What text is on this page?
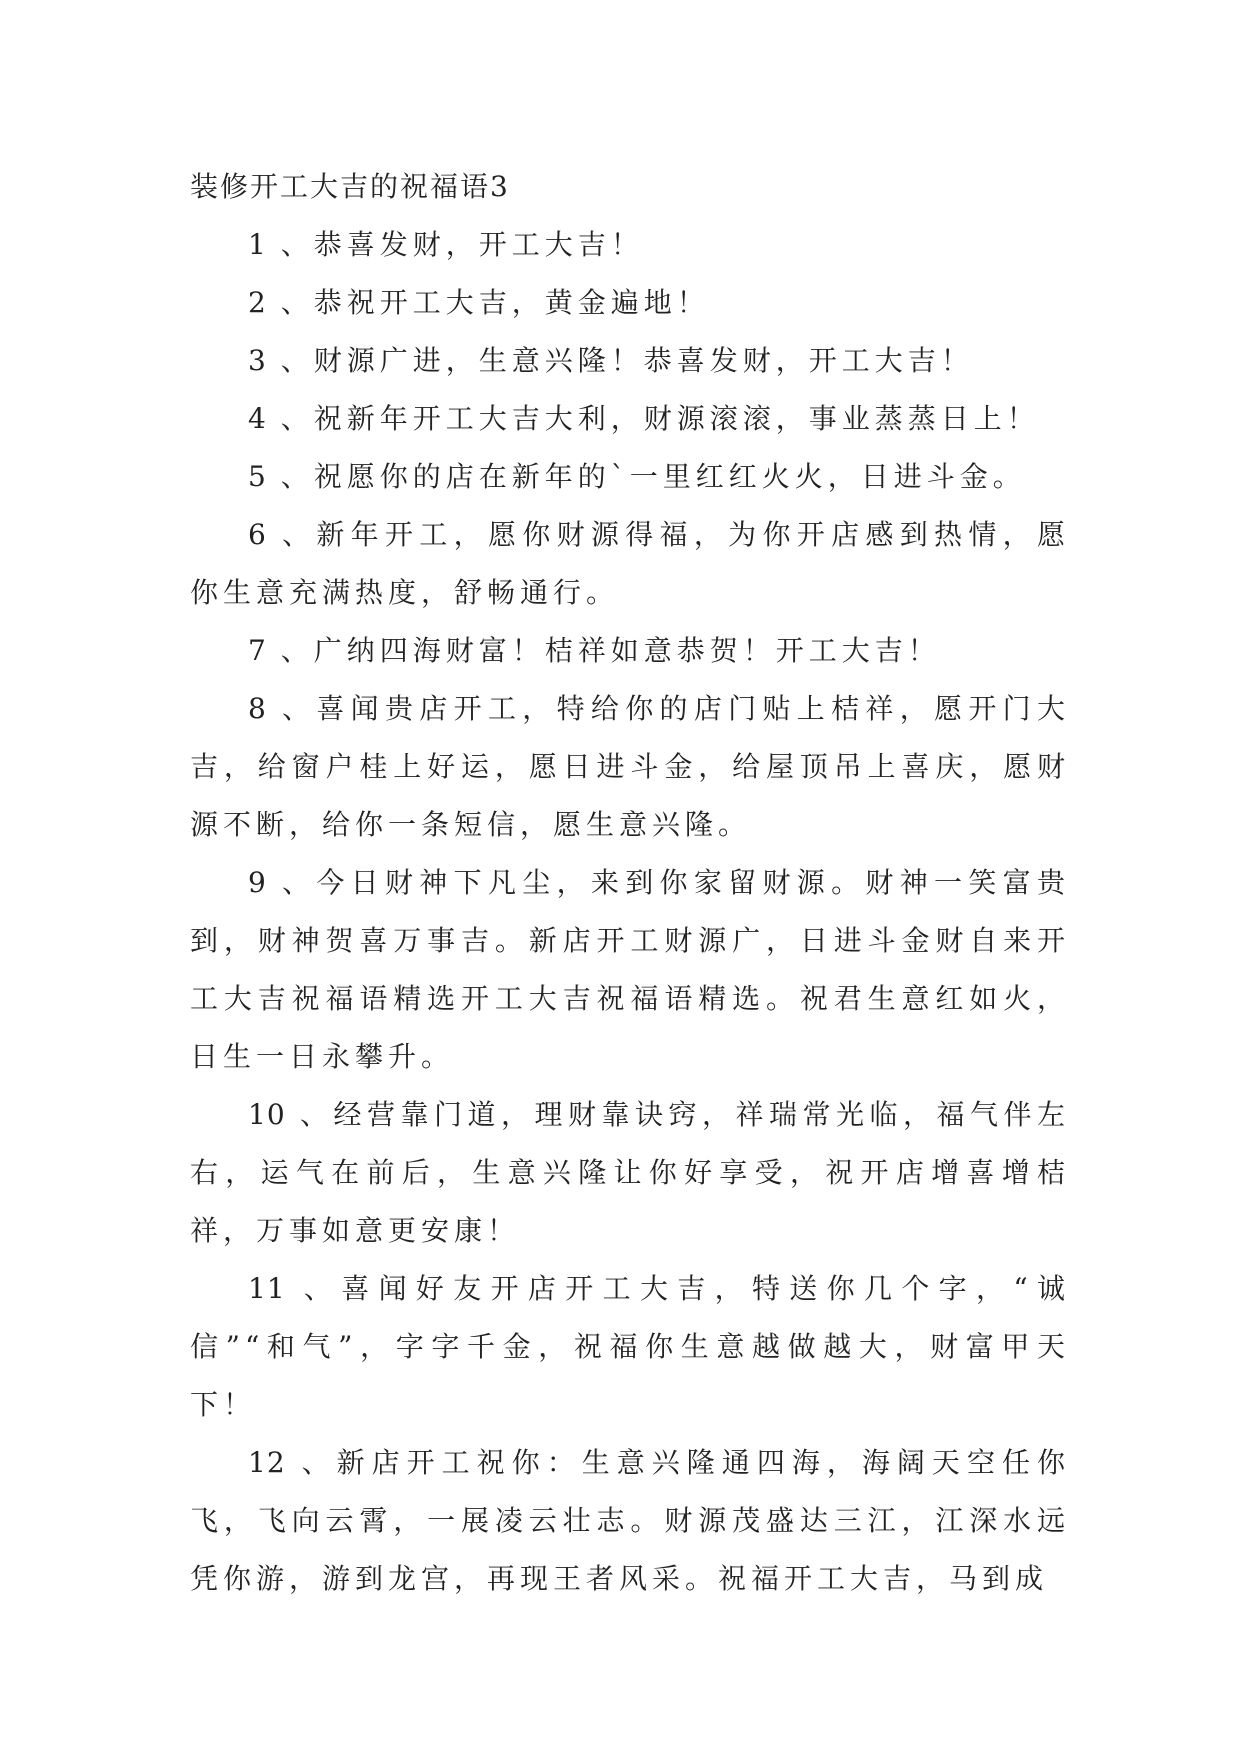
装修开工大吉的祝福语3

1 、恭喜发财，开工大吉！

2 、恭祝开工大吉，黄金遍地！

3 、财源广进，生意兴隆！恭喜发财，开工大吉！

4 、祝新年开工大吉大利，财源滚滚，事业蒸蒸日上！

5 、祝愿你的店在新年的`一里红红火火，日进斗金。

6 、新年开工，愿你财源得福，为你开店感到热情，愿你生意充满热度，舒畅通行。

7 、广纳四海财富！桔祥如意恭贺！开工大吉！

8 、喜闻贵店开工，特给你的店门贴上桔祥，愿开门大吉，给窗户桂上好运，愿日进斗金，给屋顶吊上喜庆，愿财源不断，给你一条短信，愿生意兴隆。

9 、今日财神下凡尘，来到你家留财源。财神一笑富贵到，财神贺喜万事吉。新店开工财源广，日进斗金财自来开工大吉祝福语精选开工大吉祝福语精选。祝君生意红如火，日生一日永攀升。

10 、经营靠门道，理财靠诀窍，祥瑞常光临，福气伴左右，运气在前后，生意兴隆让你好享受，祝开店增喜增桔祥，万事如意更安康！

11 、喜闻好友开店开工大吉，特送你几个字，“诚信”“和气”，字字千金，祝福你生意越做越大，财富甲天下！

12 、新店开工祝你：生意兴隆通四海，海阔天空任你飞，飞向云霄，一展凌云壮志。财源茂盛达三江，江深水远凭你游，游到龙宫，再现王者风采。祝福开工大吉，马到成
